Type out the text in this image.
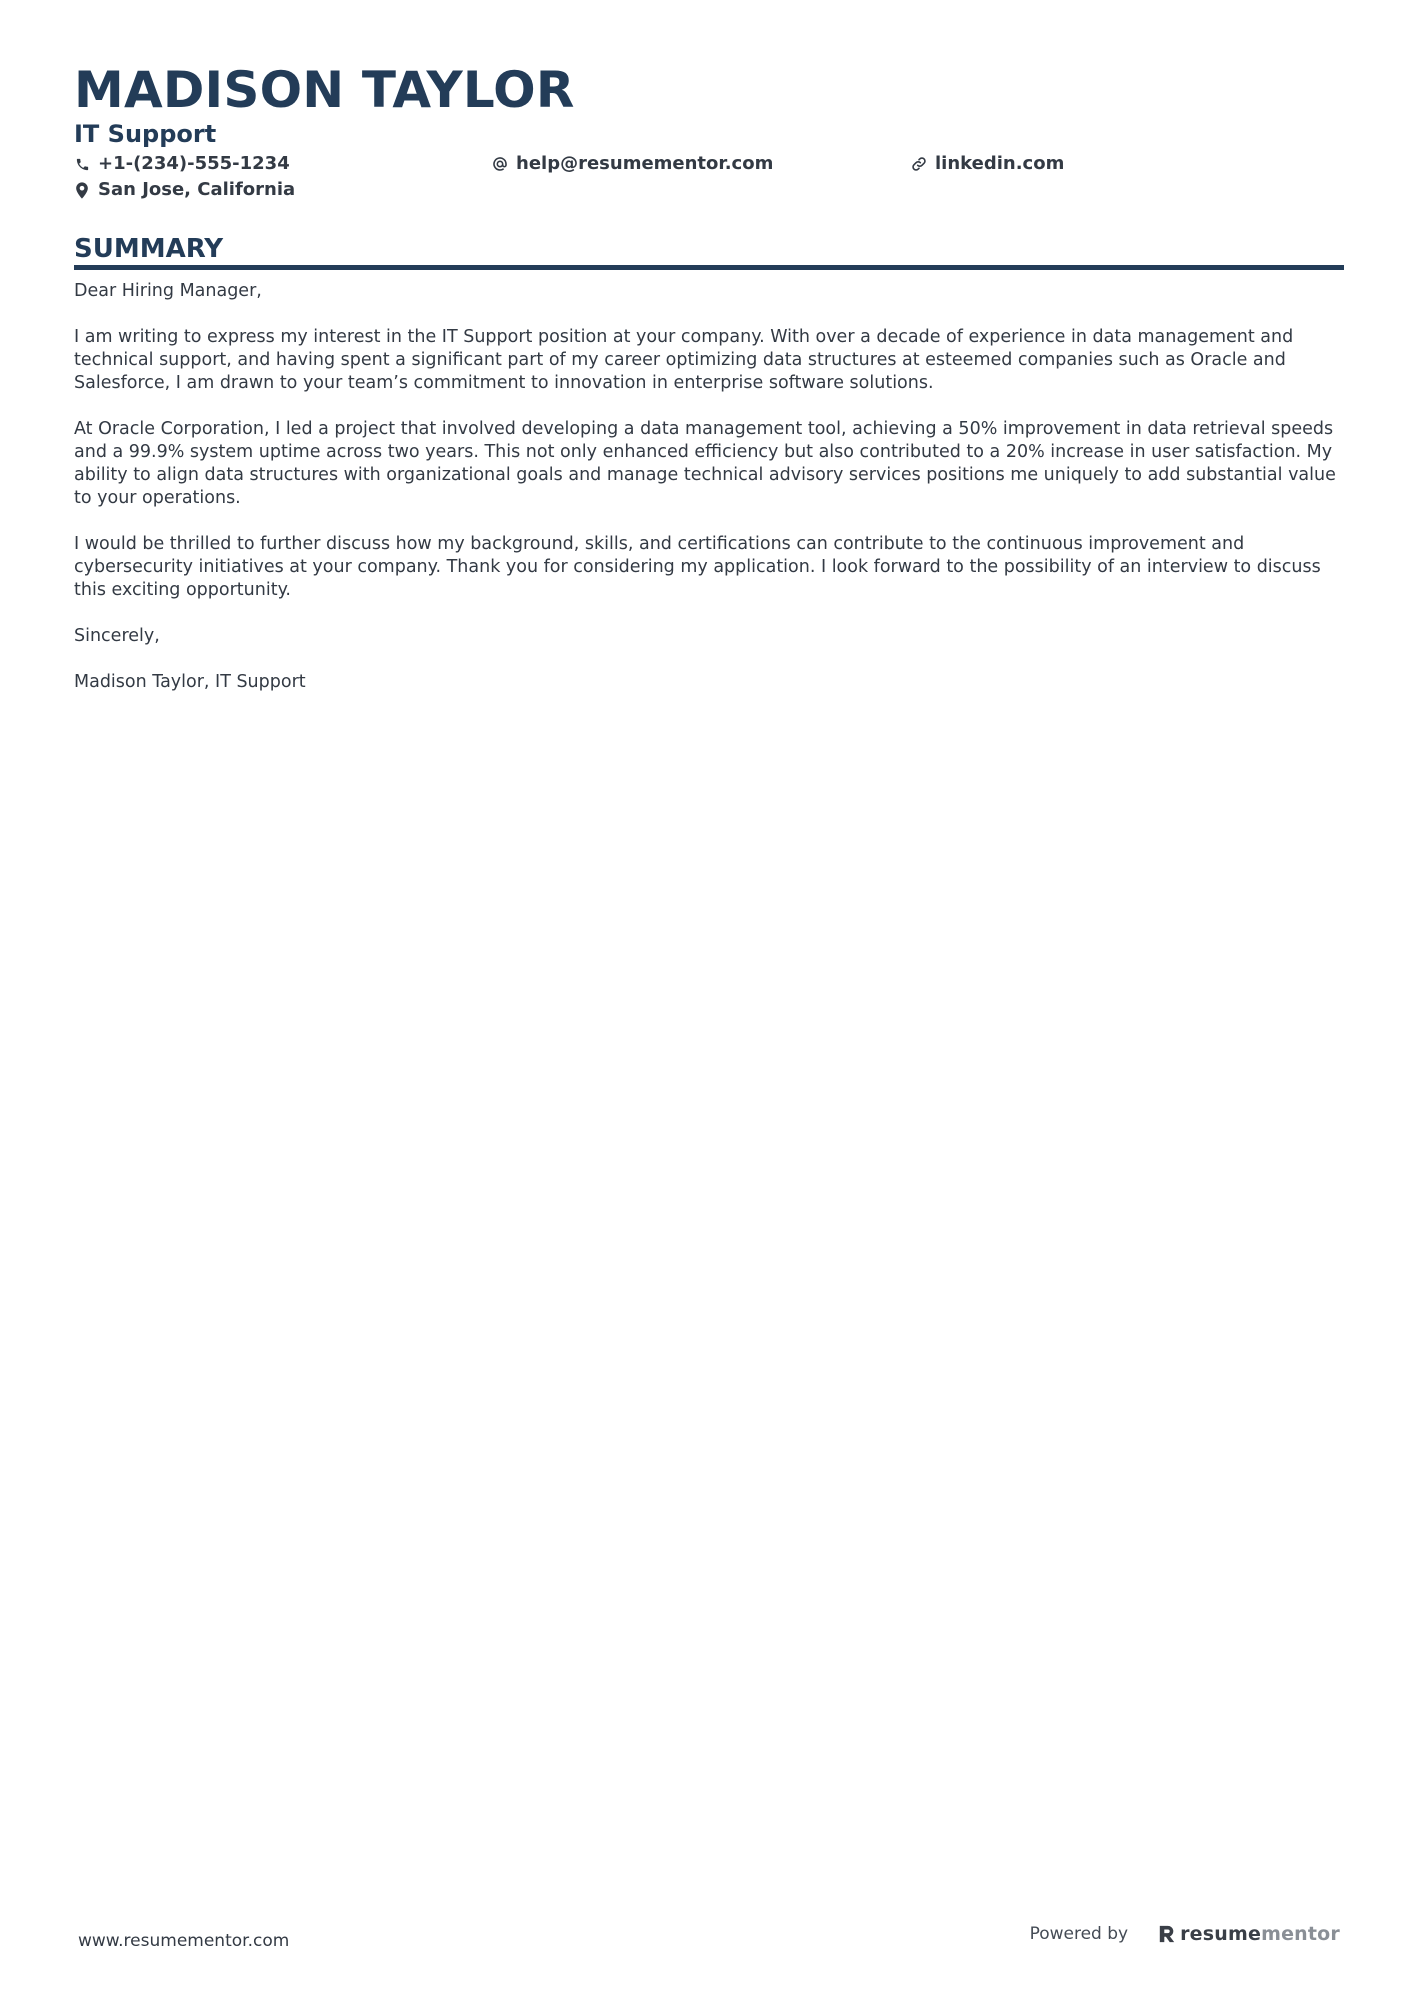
MADISON TAYLOR
IT Support
+1-(234)-555-1234	help@resumementor.com	linkedin.com
San Jose, California
SUMMARY

Dear Hiring Manager,

I am writing to express my interest in the IT Support position at your company. With over a decade of experience in data management and technical support, and having spent a significant part of my career optimizing data structures at esteemed companies such as Oracle and Salesforce, I am drawn to your team’s commitment to innovation in enterprise software solutions.

At Oracle Corporation, I led a project that involved developing a data management tool, achieving a 50% improvement in data retrieval speeds and a 99.9% system uptime across two years. This not only enhanced efficiency but also contributed to a 20% increase in user satisfaction. My ability to align data structures with organizational goals and manage technical advisory services positions me uniquely to add substantial value to your operations.

I would be thrilled to further discuss how my background, skills, and certifications can contribute to the continuous improvement and cybersecurity initiatives at your company. Thank you for considering my application. I look forward to the possibility of an interview to discuss this exciting opportunity.

Sincerely,

Madison Taylor, IT Support

www.resumementor.com	Powered by	resume mentor
